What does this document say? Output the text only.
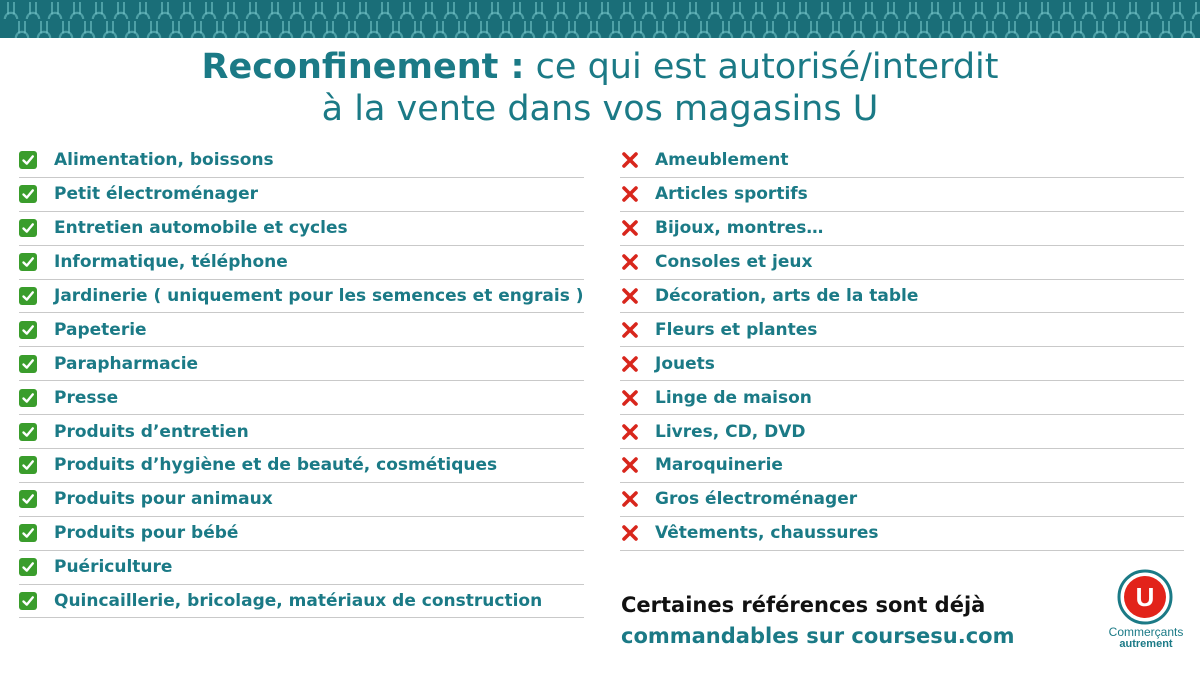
Reconfinement : ce qui est autorisé/interdit
à la vente dans vos magasins U
Alimentation, boissons
Petit électroménager
Entretien automobile et cycles
Informatique, téléphone
Jardinerie ( uniquement pour les semences et engrais )
Papeterie
Parapharmacie
Presse
Produits d’entretien
Produits d’hygiène et de beauté, cosmétiques
Produits pour animaux
Produits pour bébé
Puériculture
Quincaillerie, bricolage, matériaux de construction
Ameublement
Articles sportifs
Bijoux, montres…
Consoles et jeux
Décoration, arts de la table
Fleurs et plantes
Jouets
Linge de maison
Livres, CD, DVD
Maroquinerie
Gros électroménager
Vêtements, chaussures
Certaines références sont déjà
commandables sur coursesu.com
U
Commerçants
autrement
